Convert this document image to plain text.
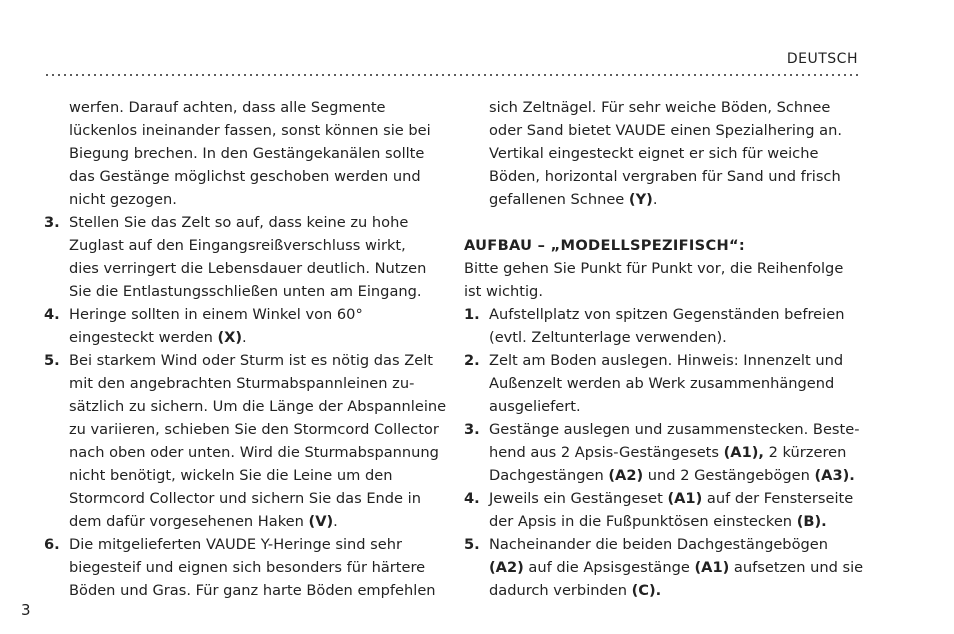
DEUTSCH
werfen. Darauf achten, dass alle Segmente
lückenlos ineinander fassen, sonst können sie bei
Biegung brechen. In den Gestängekanälen sollte
das Gestänge möglichst geschoben werden und
nicht gezogen.
3. Stellen Sie das Zelt so auf, dass keine zu hohe
Zuglast auf den Eingangsreißverschluss wirkt,
dies verringert die Lebensdauer deutlich. Nutzen
Sie die Entlastungsschließen unten am Eingang.
4. Heringe sollten in einem Winkel von 60°
eingesteckt werden (X).
5. Bei starkem Wind oder Sturm ist es nötig das Zelt
mit den angebrachten Sturmabspannleinen zu-
sätzlich zu sichern. Um die Länge der Abspannleine
zu variieren, schieben Sie den Stormcord Collector
nach oben oder unten. Wird die Sturmabspannung
nicht benötigt, wickeln Sie die Leine um den
Stormcord Collector und sichern Sie das Ende in
dem dafür vorgesehenen Haken (V).
6. Die mitgelieferten VAUDE Y-Heringe sind sehr
biegesteif und eignen sich besonders für härtere
Böden und Gras. Für ganz harte Böden empfehlen
sich Zeltnägel. Für sehr weiche Böden, Schnee
oder Sand bietet VAUDE einen Spezialhering an.
Vertikal eingesteckt eignet er sich für weiche
Böden, horizontal vergraben für Sand und frisch
gefallenen Schnee (Y).
AUFBAU – „MODELLSPEZIFISCH“:
Bitte gehen Sie Punkt für Punkt vor, die Reihenfolge
ist wichtig.
1. Aufstellplatz von spitzen Gegenständen befreien
(evtl. Zeltunterlage verwenden).
2. Zelt am Boden auslegen. Hinweis: Innenzelt und
Außenzelt werden ab Werk zusammenhängend
ausgeliefert.
3. Gestänge auslegen und zusammenstecken. Beste-
hend aus 2 Apsis-Gestängesets (A1), 2 kürzeren
Dachgestängen (A2) und 2 Gestängebögen (A3).
4. Jeweils ein Gestängeset (A1) auf der Fensterseite
der Apsis in die Fußpunktösen einstecken (B).
5. Nacheinander die beiden Dachgestängebögen
(A2) auf die Apsisgestänge (A1) aufsetzen und sie
dadurch verbinden (C).
3
